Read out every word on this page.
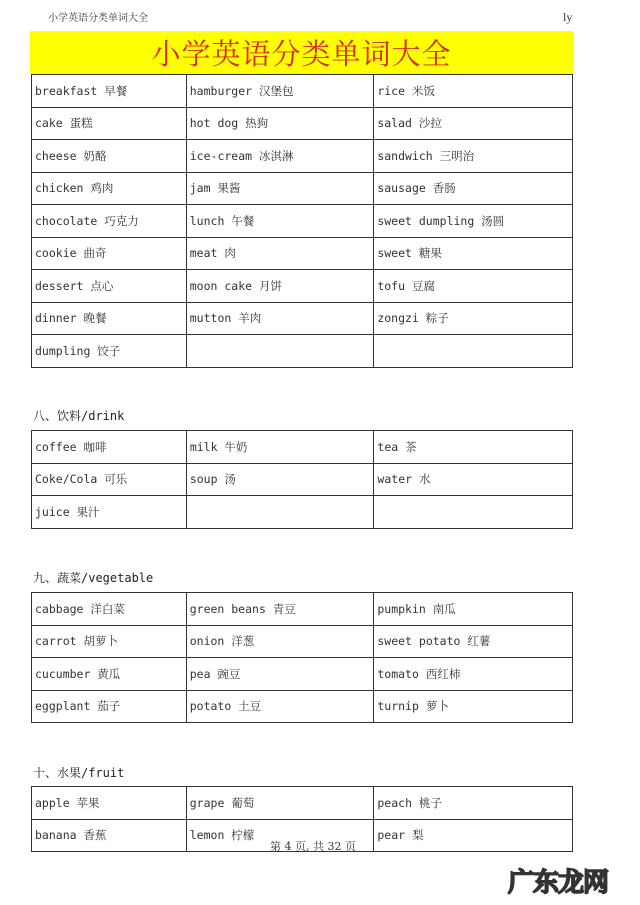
小学英语分类单词大全	ly
小学英语分类单词大全
breakfast 早餐	hamburger 汉堡包	rice 米饭
cake 蛋糕	hot dog 热狗	salad 沙拉
cheese 奶酪	ice-cream 冰淇淋	sandwich 三明治
chicken 鸡肉	jam 果酱	sausage 香肠
chocolate 巧克力	lunch 午餐	sweet dumpling 汤圆
cookie 曲奇	meat 肉	sweet 糖果
dessert 点心	moon cake 月饼	tofu 豆腐
dinner 晚餐	mutton 羊肉	zongzi 粽子
dumpling 饺子		
八、饮料/drink
coffee 咖啡	milk 牛奶	tea 茶
Coke/Cola 可乐	soup 汤	water 水
juice 果汁		
九、蔬菜/vegetable
cabbage 洋白菜	green beans 青豆	pumpkin 南瓜
carrot 胡萝卜	onion 洋葱	sweet potato 红薯
cucumber 黄瓜	pea 豌豆	tomato 西红柿
eggplant 茄子	potato 土豆	turnip 萝卜
十、水果/fruit
apple 苹果	grape 葡萄	peach 桃子
banana 香蕉	lemon 柠檬	pear 梨
第 4 页, 共 32 页
广东龙网
